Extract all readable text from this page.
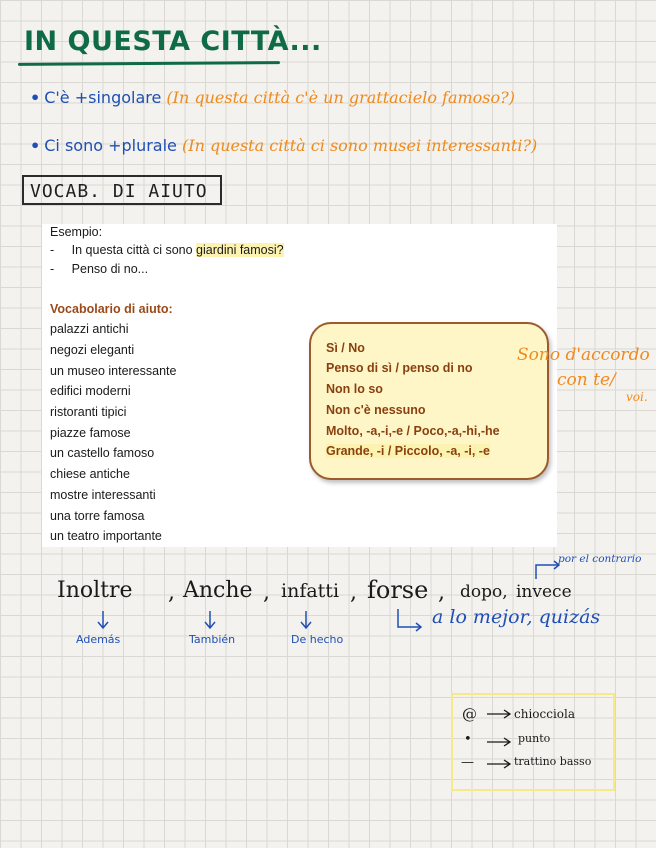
IN QUESTA CITTÀ...
• C'è +singolare (In questa città c'è un grattacielo famoso?)
• Ci sono +plurale (In questa città ci sono musei interessanti?)
VOCAB. DI AIUTO
Esempio:
- In questa città ci sono giardini famosi?
- Penso di no...
Vocabolario di aiuto:
palazzi antichi
negozi eleganti
un museo interessante
edifici moderni
ristoranti tipici
piazze famose
un castello famoso
chiese antiche
mostre interessanti
una torre famosa
un teatro importante
Sì / No
Penso di sì / penso di no
Non lo so
Non c'è nessuno
Molto, -a,-i,-e / Poco,-a,-hi,-he
Grande, -i / Piccolo, -a, -i, -e
Sono d'accordo
con te/
voi.
Inoltre , Anche , infatti , forse , dopo, invece
por el contrario
a lo mejor, quizás
Además	También	De hecho
@	chiocciola
•	punto
—	trattino basso
